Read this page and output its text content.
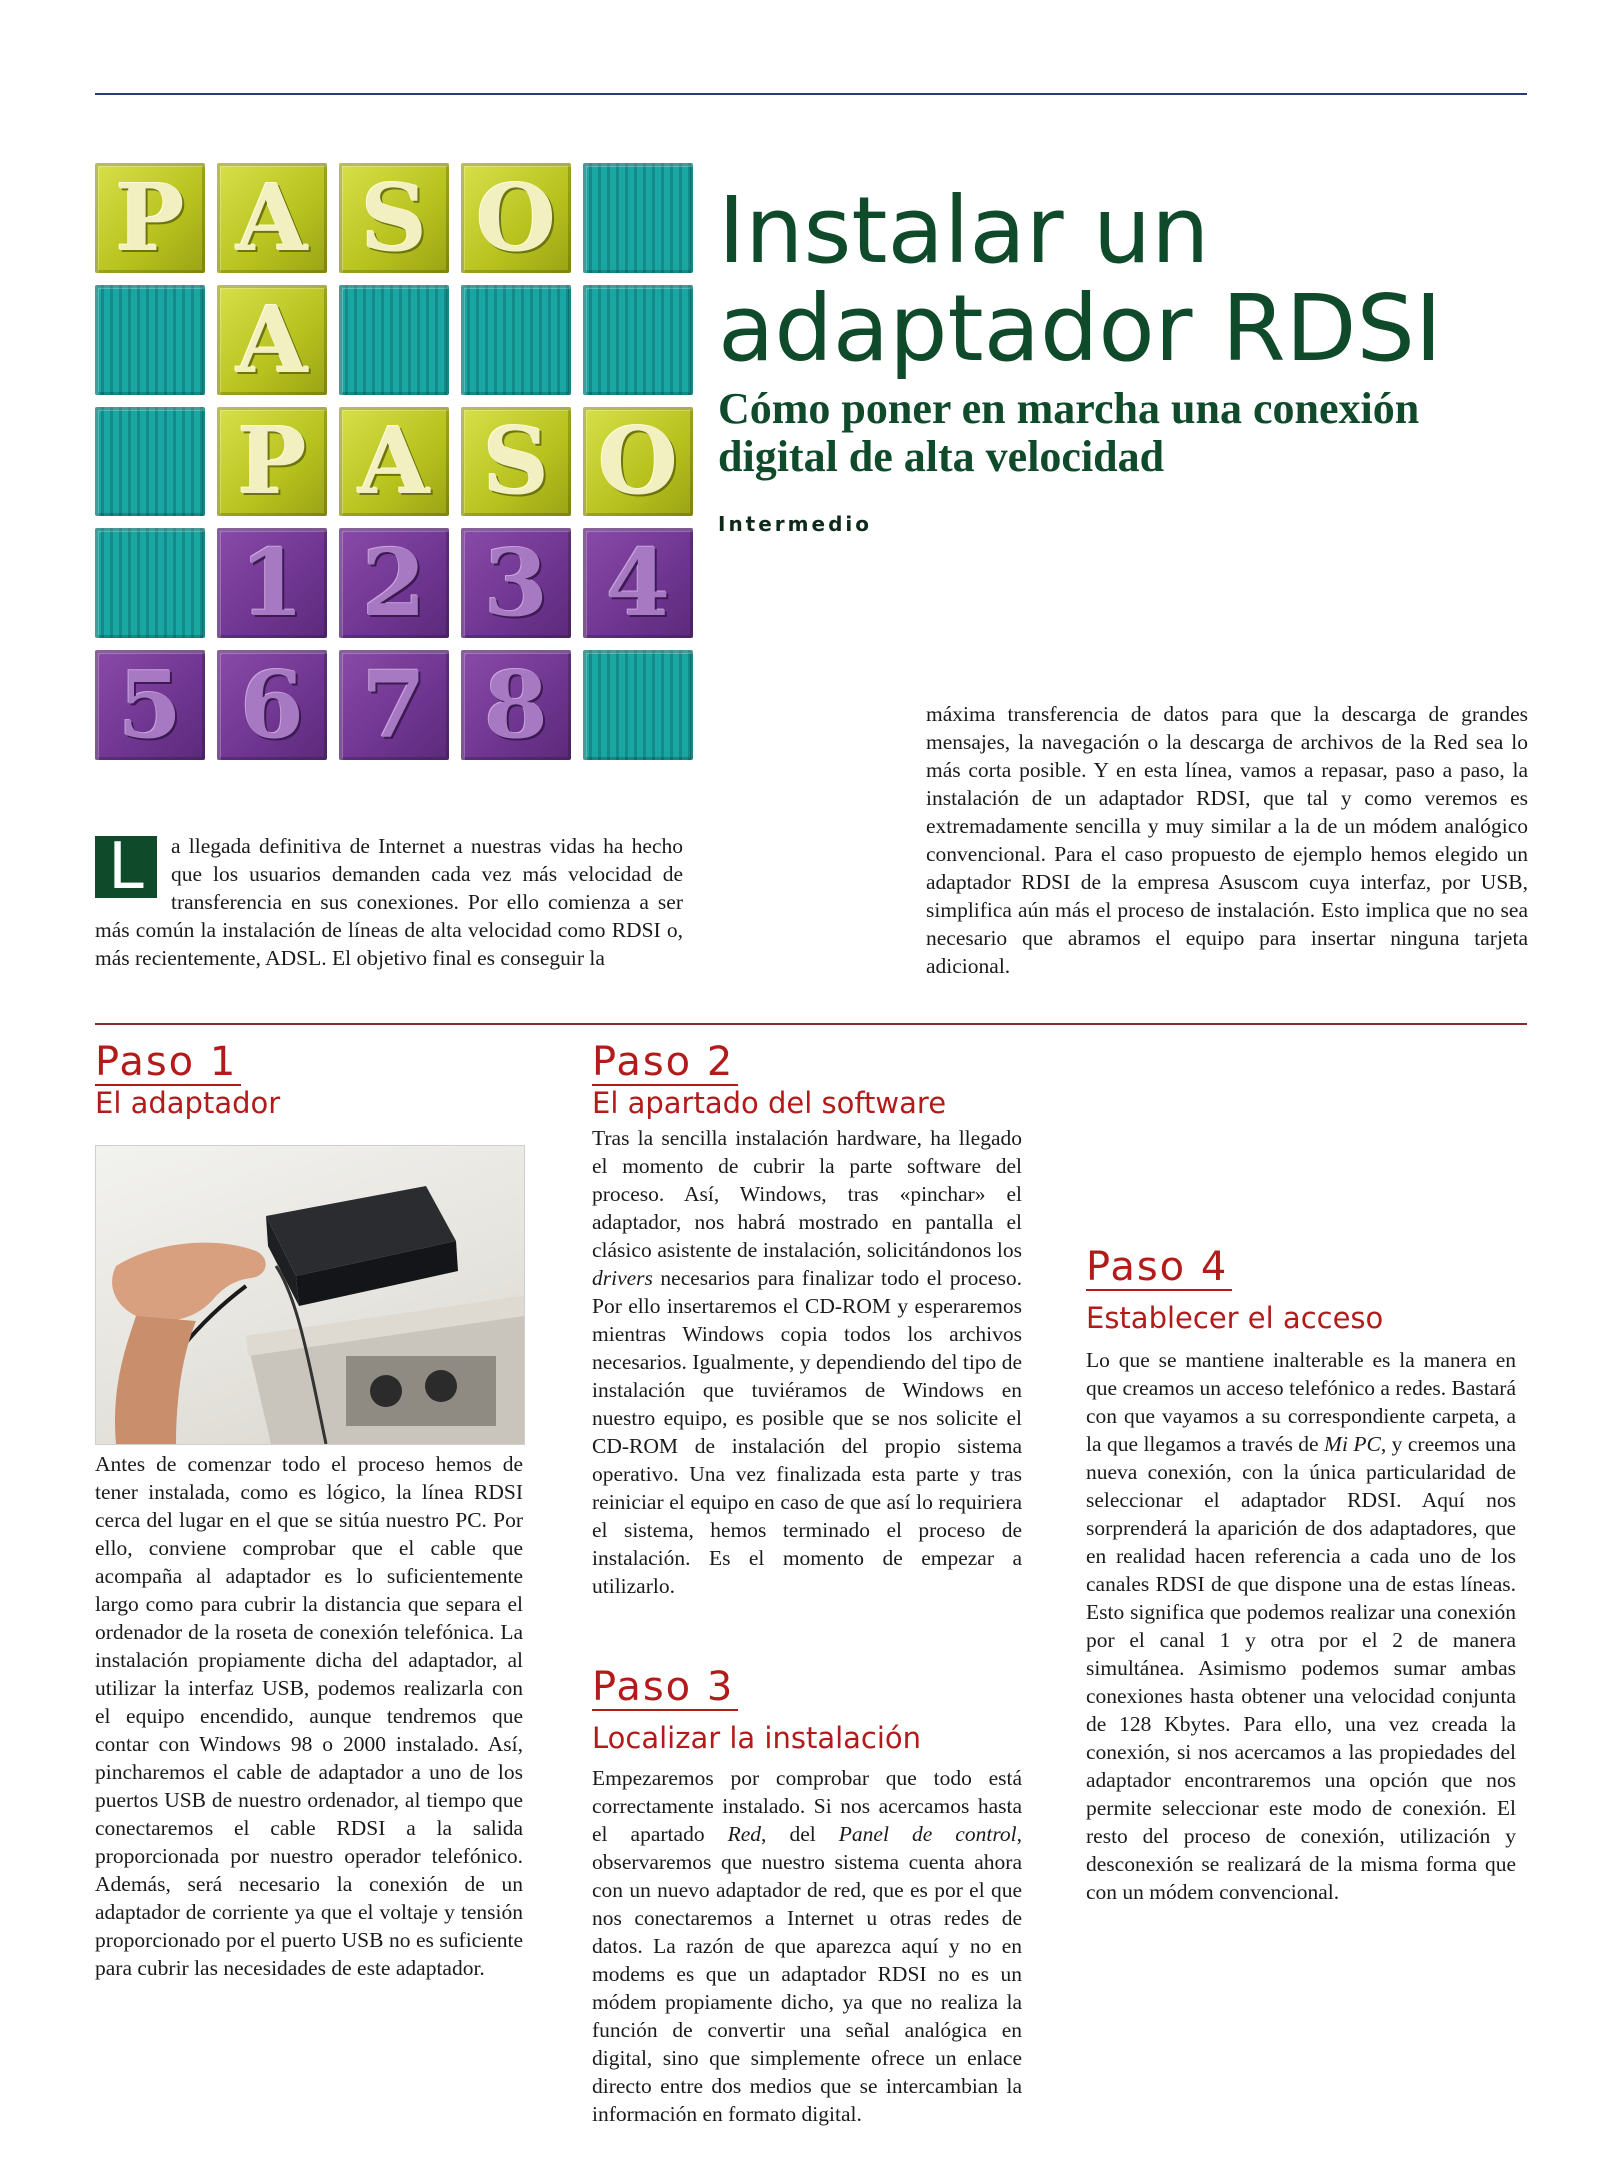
P A S O
A
P A S O
1 2 3 4
5 6 7 8
Instalar un
adaptador RDSI
Cómo poner en marcha una conexión
digital de alta velocidad
Intermedio
L	a llegada definitiva de Internet a nuestras vidas ha hecho que los usuarios demanden cada vez más velocidad de transferencia en sus conexiones. Por ello comienza a ser más común la instalación de líneas de alta velocidad como RDSI o, más recientemente, ADSL. El objetivo final es conseguir la
máxima transferencia de datos para que la descarga de grandes mensajes, la navegación o la descarga de archivos de la Red sea lo más corta posible. Y en esta línea, vamos a repasar, paso a paso, la instalación de un adaptador RDSI, que tal y como veremos es extremadamente sencilla y muy similar a la de un módem analógico convencional. Para el caso propuesto de ejemplo hemos elegido un adaptador RDSI de la empresa Asuscom cuya interfaz, por USB, simplifica aún más el proceso de instalación. Esto implica que no sea necesario que abramos el equipo para insertar ninguna tarjeta adicional.
Paso 1
El adaptador
Antes de comenzar todo el proceso hemos de tener instalada, como es lógico, la línea RDSI cerca del lugar en el que se sitúa nuestro PC. Por ello, conviene comprobar que el cable que acompaña al adaptador es lo suficientemente largo como para cubrir la distancia que separa el ordenador de la roseta de conexión telefónica. La instalación propiamente dicha del adaptador, al utilizar la interfaz USB, podemos realizarla con el equipo encendido, aunque tendremos que contar con Windows 98 o 2000 instalado. Así, pincharemos el cable de adaptador a uno de los puertos USB de nuestro ordenador, al tiempo que conectaremos el cable RDSI a la salida proporcionada por nuestro operador telefónico. Además, será necesario la conexión de un adaptador de corriente ya que el voltaje y tensión proporcionado por el puerto USB no es suficiente para cubrir las necesidades de este adaptador.
Paso 2
El apartado del software
Tras la sencilla instalación hardware, ha llegado el momento de cubrir la parte software del proceso. Así, Windows, tras «pinchar» el adaptador, nos habrá mostrado en pantalla el clásico asistente de instalación, solicitándonos los drivers necesarios para finalizar todo el proceso. Por ello insertaremos el CD-ROM y esperaremos mientras Windows copia todos los archivos necesarios. Igualmente, y dependiendo del tipo de instalación que tuviéramos de Windows en nuestro equipo, es posible que se nos solicite el CD-ROM de instalación del propio sistema operativo. Una vez finalizada esta parte y tras reiniciar el equipo en caso de que así lo requiriera el sistema, hemos terminado el proceso de instalación. Es el momento de empezar a utilizarlo.
Paso 3
Localizar la instalación
Empezaremos por comprobar que todo está correctamente instalado. Si nos acercamos hasta el apartado Red, del Panel de control, observaremos que nuestro sistema cuenta ahora con un nuevo adaptador de red, que es por el que nos conectaremos a Internet u otras redes de datos. La razón de que aparezca aquí y no en modems es que un adaptador RDSI no es un módem propiamente dicho, ya que no realiza la función de convertir una señal analógica en digital, sino que simplemente ofrece un enlace directo entre dos medios que se intercambian la información en formato digital.
Paso 4
Establecer el acceso
Lo que se mantiene inalterable es la manera en que creamos un acceso telefónico a redes. Bastará con que vayamos a su correspondiente carpeta, a la que llegamos a través de Mi PC, y creemos una nueva conexión, con la única particularidad de seleccionar el adaptador RDSI. Aquí nos sorprenderá la aparición de dos adaptadores, que en realidad hacen referencia a cada uno de los canales RDSI de que dispone una de estas líneas. Esto significa que podemos realizar una conexión por el canal 1 y otra por el 2 de manera simultánea. Asimismo podemos sumar ambas conexiones hasta obtener una velocidad conjunta de 128 Kbytes. Para ello, una vez creada la conexión, si nos acercamos a las propiedades del adaptador encontraremos una opción que nos permite seleccionar este modo de conexión. El resto del proceso de conexión, utilización y desconexión se realizará de la misma forma que con un módem convencional.
